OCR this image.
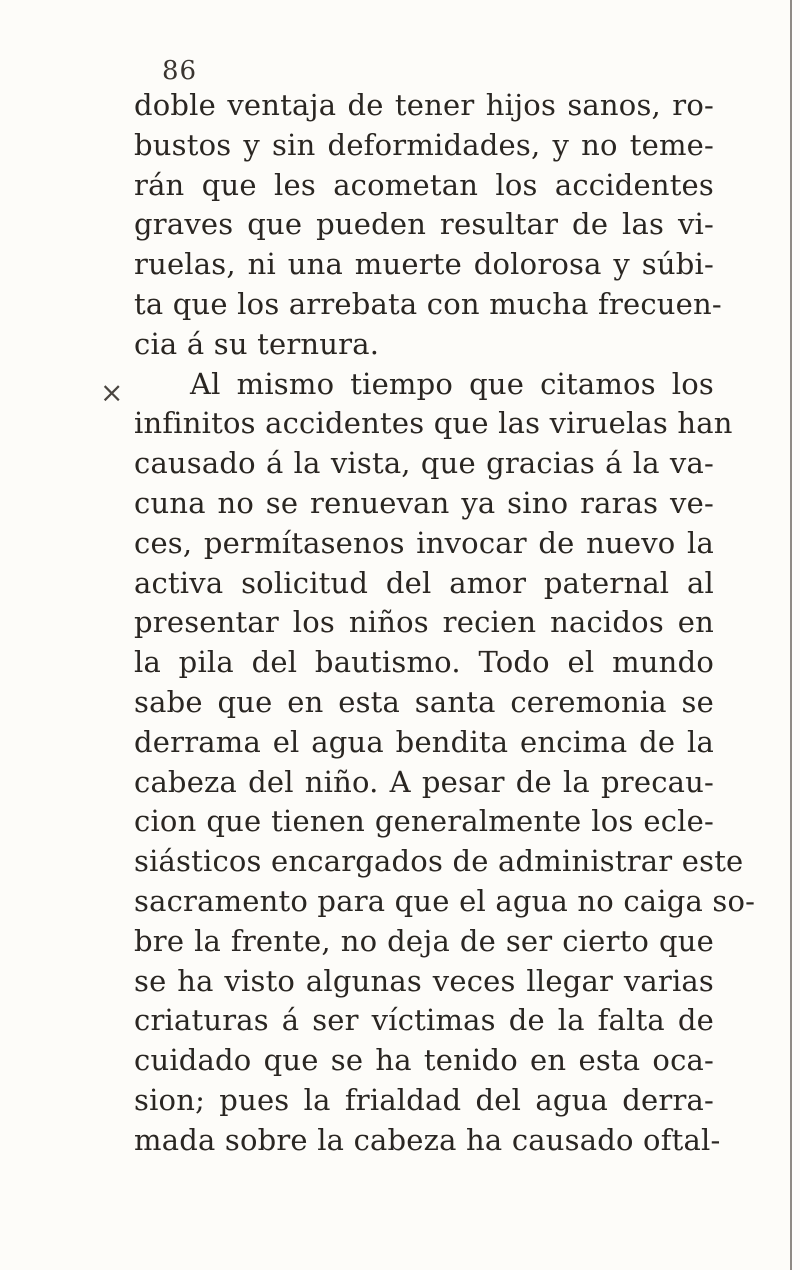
86
×
doble ventaja de tener hijos sanos, ro-
bustos y sin deformidades, y no teme-
rán que les acometan los accidentes
graves que pueden resultar de las vi-
ruelas, ni una muerte dolorosa y súbi-
ta que los arrebata con mucha frecuen-
cia á su ternura.
Al mismo tiempo que citamos los
infinitos accidentes que las viruelas han
causado á la vista, que gracias á la va-
cuna no se renuevan ya sino raras ve-
ces, permítasenos invocar de nuevo la
activa solicitud del amor paternal al
presentar los niños recien nacidos en
la pila del bautismo. Todo el mundo
sabe que en esta santa ceremonia se
derrama el agua bendita encima de la
cabeza del niño. A pesar de la precau-
cion que tienen generalmente los ecle-
siásticos encargados de administrar este
sacramento para que el agua no caiga so-
bre la frente, no deja de ser cierto que
se ha visto algunas veces llegar varias
criaturas á ser víctimas de la falta de
cuidado que se ha tenido en esta oca-
sion; pues la frialdad del agua derra-
mada sobre la cabeza ha causado oftal-
